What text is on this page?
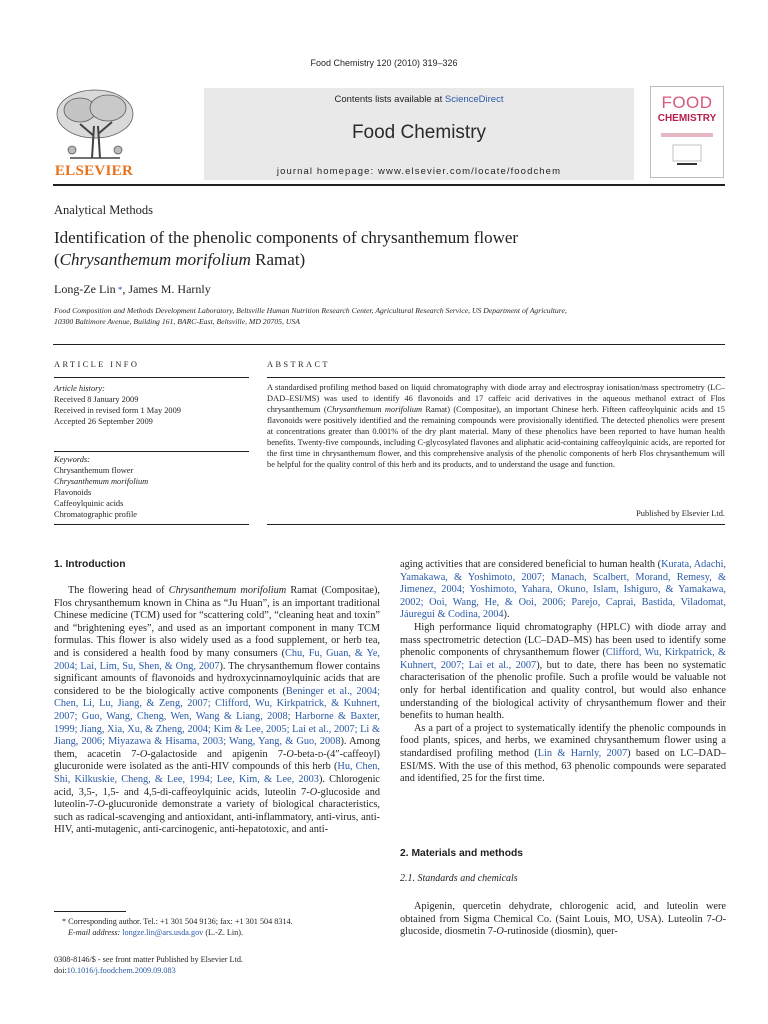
Food Chemistry 120 (2010) 319–326
ELSEVIER
Contents lists available at ScienceDirect
Food Chemistry
journal homepage: www.elsevier.com/locate/foodchem
FOOD
CHEMISTRY
Analytical Methods
Identification of the phenolic components of chrysanthemum flower
(Chrysanthemum morifolium Ramat)
Long-Ze Lin *, James M. Harnly
Food Composition and Methods Development Laboratory, Beltsville Human Nutrition Research Center, Agricultural Research Service, US Department of Agriculture,
10300 Baltimore Avenue, Building 161, BARC-East, Beltsville, MD 20705, USA
ARTICLE INFO	ABSTRACT
Article history:
Received 8 January 2009
Received in revised form 1 May 2009
Accepted 26 September 2009
Keywords:
Chrysanthemum flower
Chrysanthemum morifolium
Flavonoids
Caffeoylquinic acids
Chromatographic profile
A standardised profiling method based on liquid chromatography with diode array and electrospray ionisation/mass spectrometry (LC–DAD–ESI/MS) was used to identify 46 flavonoids and 17 caffeic acid derivatives in the aqueous methanol extract of Flos chrysanthemum (Chrysanthemum morifolium Ramat) (Compositae), an important Chinese herb. Fifteen caffeoylquinic acids and 15 flavonoids were positively identified and the remaining compounds were provisionally identified. The detected phenolics were present at concentrations greater than 0.001% of the dry plant material. Many of these phenolics have been reported to have human health benefits. Twenty-five compounds, including C-glycosylated flavones and aliphatic acid-containing caffeoylquinic acids, are reported for the first time in chrysanthemum flower, and this comprehensive analysis of the phenolic components of herb Flos chrysanthemum will be helpful for the quality control of this herb and its products, and to understand the usage and function.
Published by Elsevier Ltd.
1. Introduction

The flowering head of Chrysanthemum morifolium Ramat (Compositae), Flos chrysanthemum known in China as “Ju Huan”, is an important traditional Chinese medicine (TCM) used for “scattering cold”, “cleaning heat and toxin” and “brightening eyes”, and used as an important component in many TCM formulas. This flower is also widely used as a food supplement, or herb tea, and is considered a health food by many consumers (Chu, Fu, Guan, & Ye, 2004; Lai, Lim, Su, Shen, & Ong, 2007). The chrysanthemum flower contains significant amounts of flavonoids and hydroxycinnamoylquinic acids that are considered to be the biologically active components (Beninger et al., 2004; Chen, Li, Lu, Jiang, & Zeng, 2007; Clifford, Wu, Kirkpatrick, & Kuhnert, 2007; Guo, Wang, Cheng, Wen, Wang & Liang, 2008; Harborne & Baxter, 1999; Jiang, Xia, Xu, & Zheng, 2004; Kim & Lee, 2005; Lai et al., 2007; Li & Jiang, 2006; Miyazawa & Hisama, 2003; Wang, Yang, & Guo, 2008). Among them, acacetin 7-O-galactoside and apigenin 7-O-beta-D-(4″-caffeoyl) glucuronide were isolated as the anti-HIV compounds of this herb (Hu, Chen, Shi, Kilkuskie, Cheng, & Lee, 1994; Lee, Kim, & Lee, 2003). Chlorogenic acid, 3,5-, 1,5- and 4,5-di-caffeoylquinic acids, luteolin 7-O-glucoside and luteolin-7-O-glucuronide demonstrate a variety of biological characteristics, such as radical-scavenging and antioxidant, anti-inflammatory, anti-virus, anti-HIV, anti-mutagenic, anti-carcinogenic, anti-hepatotoxic, and anti-

aging activities that are considered beneficial to human health (Kurata, Adachi, Yamakawa, & Yoshimoto, 2007; Manach, Scalbert, Morand, Remesy, & Jimenez, 2004; Yoshimoto, Yahara, Okuno, Islam, Ishiguro, & Yamakawa, 2002; Ooi, Wang, He, & Ooi, 2006; Parejo, Caprai, Bastida, Viladomat, Jáuregui & Codina, 2004).

High performance liquid chromatography (HPLC) with diode array and mass spectrometric detection (LC–DAD–MS) has been used to identify some phenolic components of chrysanthemum flower (Clifford, Wu, Kirkpatrick, & Kuhnert, 2007; Lai et al., 2007), but to date, there has been no systematic characterisation of the phenolic profile. Such a profile would be valuable not only for herbal identification and quality control, but would also enhance understanding of the biological activity of chrysanthemum flower and their benefits to human health.

As a part of a project to systematically identify the phenolic compounds in food plants, spices, and herbs, we examined chrysanthemum flower using a standardised profiling method (Lin & Harnly, 2007) based on LC–DAD–ESI/MS. With the use of this method, 63 phenolic compounds were separated and identified, 25 for the first time.

2. Materials and methods
2.1. Standards and chemicals

Apigenin, quercetin dehydrate, chlorogenic acid, and luteolin were obtained from Sigma Chemical Co. (Saint Louis, MO, USA). Luteolin 7-O-glucoside, diosmetin 7-O-rutinoside (diosmin), quer-

* Corresponding author. Tel.: +1 301 504 9136; fax: +1 301 504 8314.
E-mail address: longze.lin@ars.usda.gov (L.-Z. Lin).
0308-8146/$ - see front matter Published by Elsevier Ltd.
doi:10.1016/j.foodchem.2009.09.083
